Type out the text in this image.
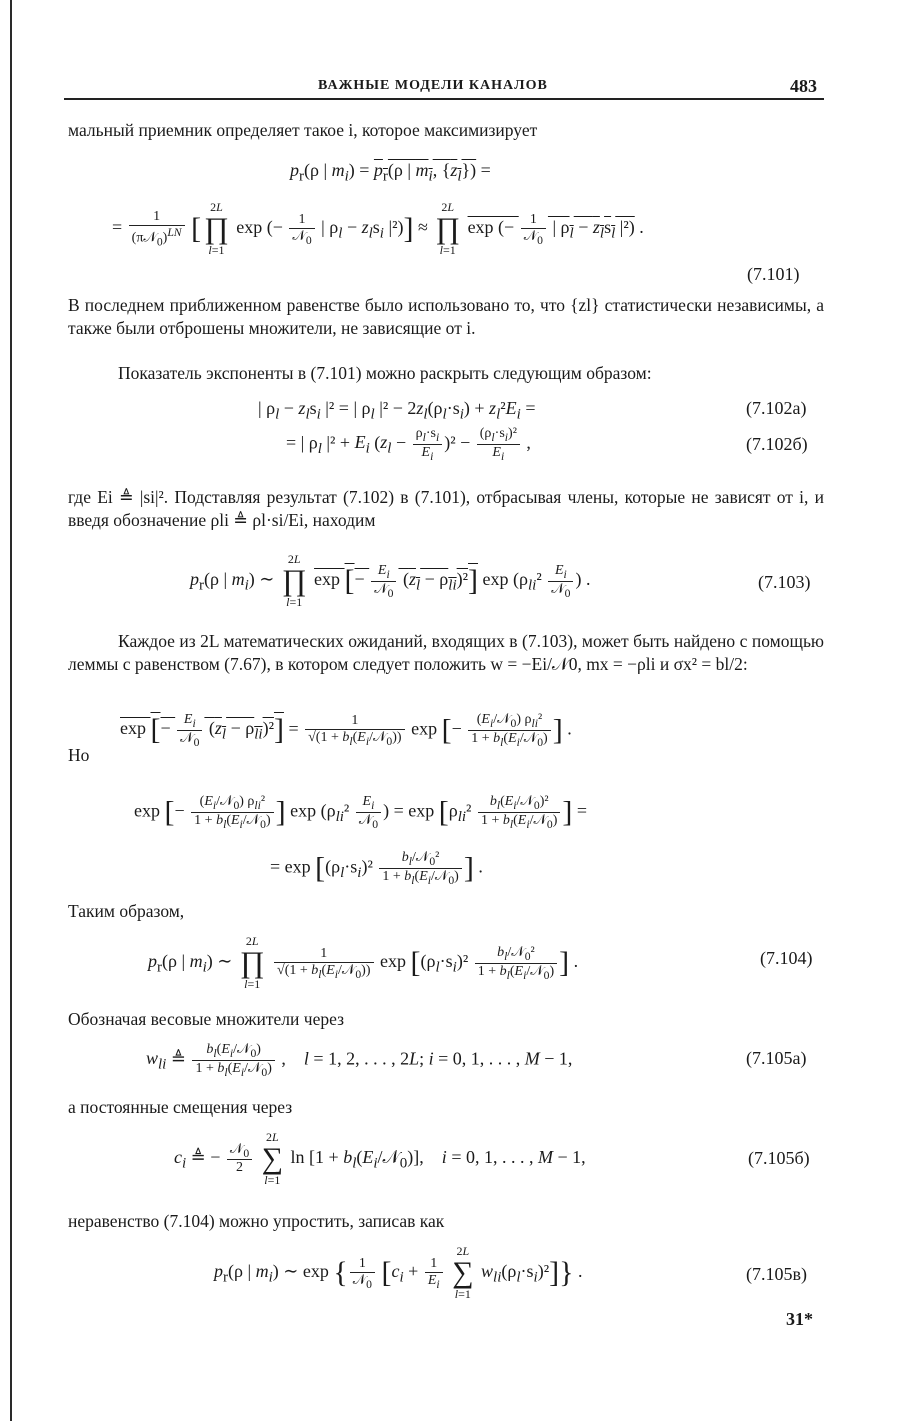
ВАЖНЫЕ МОДЕЛИ КАНАЛОВ	483
мальный приемник определяет такое i, которое максимизирует
$p_r(\rho$ | $m_i) = p_r(\rho$ | $m_i$, $\{z_l\}$) =
= $\frac{1}{(\pi 𝒩_0)^{LN}} [2L$
∏
l=1 exp (− $\frac{1}{𝒩_0}$ | $\rho_l - z_ls_i$ |²)] ≈ 2L
∏
l=1 exp (− $\frac{1}{𝒩_0}$ | $\rho_l - z_ls_l$ |²) .
(7.101)
В последнем приближенном равенстве было использовано то, что {zl} статистически независимы, а также были отброшены множители, не зависящие от i.
Показатель экспоненты в (7.101) можно раскрыть следующим образом:
| $\rho_l - z_ls_i$ |² = | $\rho_l$ $|^2 - 2z_l(\rho_l\cdot s_i) + z_l^2E_i$ =	(7.102а)
= | $\rho_l$ $|^2 + E_i$ $(z_l - \frac{\rho_l\cdot s_i}{E_i} )^2 - \frac{(\rho_l\cdot s_i)^2}{E_i}$ ,	(7.102б)
где Ei ≜ |si|². Подставляя результат (7.102) в (7.101), отбрасывая члены, которые не зависят от i, и введя обозначение ρli ≜ ρl·si/Ei, находим
$p_r(\rho$ | $m_i$) ∼ 2L
∏
l=1 exp [− $\frac{E_i}{𝒩_0} (z_l - \rho_{li})^2$] $\exp (\rho_{li}^2 \frac{E_i}{𝒩_0}$ ) .	(7.103)
Каждое из 2L математических ожиданий, входящих в (7.103), может быть найдено с помощью леммы с равенством (7.67), в котором следует положить w = −Ei/𝒩0, mx = −ρli и σx² = bl/2:
exp [− $\frac{E_i}{𝒩_0} (z_l - \rho_{li})^2] = \frac{1}{√(1 + b_l(E_i/𝒩_0))}$ exp [− $\frac{(E_i/𝒩_0) \rho_{li}^2}{1 + b_l(E_i/𝒩_0)}$ ] .
Но
exp [− $\frac{(E_i/𝒩_0) \rho_{li}^2}{1 + b_l(E_i/𝒩_0)}$ ] $\exp (\rho_{li}^2 \frac{E_i}{𝒩_0}$ ) = $\exp [\rho_{li}^2 \frac{b_l(E_i/𝒩_0)^2}{1 + b_l(E_i/𝒩_0)}$ ] =
= $\exp [(\rho_l\cdot s_i)^2 \frac{b_l/𝒩_0^2}{1 + b_l(E_i/𝒩_0)}$ ] .
Таким образом,
$p_r(\rho$ | $m_i$) ∼ 2L
∏
l=1
$\frac{1}{√(1 + b_l(E_i/𝒩_0))}$ $\exp [(\rho_l\cdot s_i)^2 \frac{b_l/𝒩_0^2}{1 + b_l(E_i/𝒩_0)}$ ] .	(7.104)
Обозначая весовые множители через
$w_{li}$ ≜ $\frac{b_l(E_i/𝒩_0)}{1 + b_l(E_i/𝒩_0)}$ ,    l = 1, 2, . . . , 2L; i = 0, 1, . . . , M − 1,	(7.105а)
а постоянные смещения через
$c_i$ ≜ − $\frac{𝒩_0}{2}$
2L
∑
l=1 $\ln [1 + b_l(E_i/𝒩_0)]$,    i = 0, 1, . . . , M − 1,	(7.105б)
неравенство (7.104) можно упростить, записав как
$p_r(\rho$ | $m_i$) ∼ exp { $\frac{1}{𝒩_0} [c_i + \frac{1}{E_i}$
2L
∑
l=1 $w_{li}(\rho_l\cdot s_i)^2$]} .	(7.105в)
31*
